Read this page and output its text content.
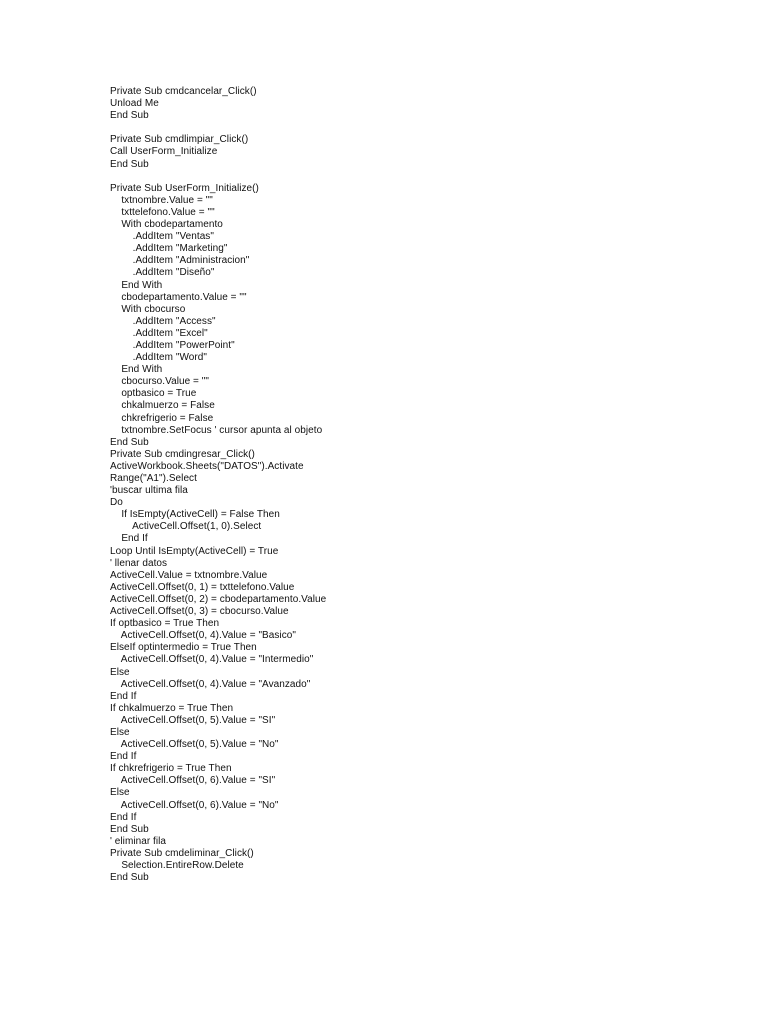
Private Sub cmdcancelar_Click()
Unload Me
End Sub
Private Sub cmdlimpiar_Click()
Call UserForm_Initialize
End Sub
Private Sub UserForm_Initialize()
txtnombre.Value = ""
txttelefono.Value = ""
With cbodepartamento
.AddItem "Ventas"
.AddItem "Marketing"
.AddItem "Administracion"
.AddItem "Diseño"
End With
cbodepartamento.Value = ""
With cbocurso
.AddItem "Access"
.AddItem "Excel"
.AddItem "PowerPoint"
.AddItem "Word"
End With
cbocurso.Value = ""
optbasico = True
chkalmuerzo = False
chkrefrigerio = False
txtnombre.SetFocus ' cursor apunta al objeto
End Sub
Private Sub cmdingresar_Click()
ActiveWorkbook.Sheets("DATOS").Activate
Range("A1").Select
'buscar ultima fila
Do
If IsEmpty(ActiveCell) = False Then
ActiveCell.Offset(1, 0).Select
End If
Loop Until IsEmpty(ActiveCell) = True
' llenar datos
ActiveCell.Value = txtnombre.Value
ActiveCell.Offset(0, 1) = txttelefono.Value
ActiveCell.Offset(0, 2) = cbodepartamento.Value
ActiveCell.Offset(0, 3) = cbocurso.Value
If optbasico = True Then
ActiveCell.Offset(0, 4).Value = "Basico"
ElseIf optintermedio = True Then
ActiveCell.Offset(0, 4).Value = "Intermedio"
Else
ActiveCell.Offset(0, 4).Value = "Avanzado"
End If
If chkalmuerzo = True Then
ActiveCell.Offset(0, 5).Value = "SI"
Else
ActiveCell.Offset(0, 5).Value = "No"
End If
If chkrefrigerio = True Then
ActiveCell.Offset(0, 6).Value = "SI"
Else
ActiveCell.Offset(0, 6).Value = "No"
End If
End Sub
' eliminar fila
Private Sub cmdeliminar_Click()
Selection.EntireRow.Delete
End Sub
